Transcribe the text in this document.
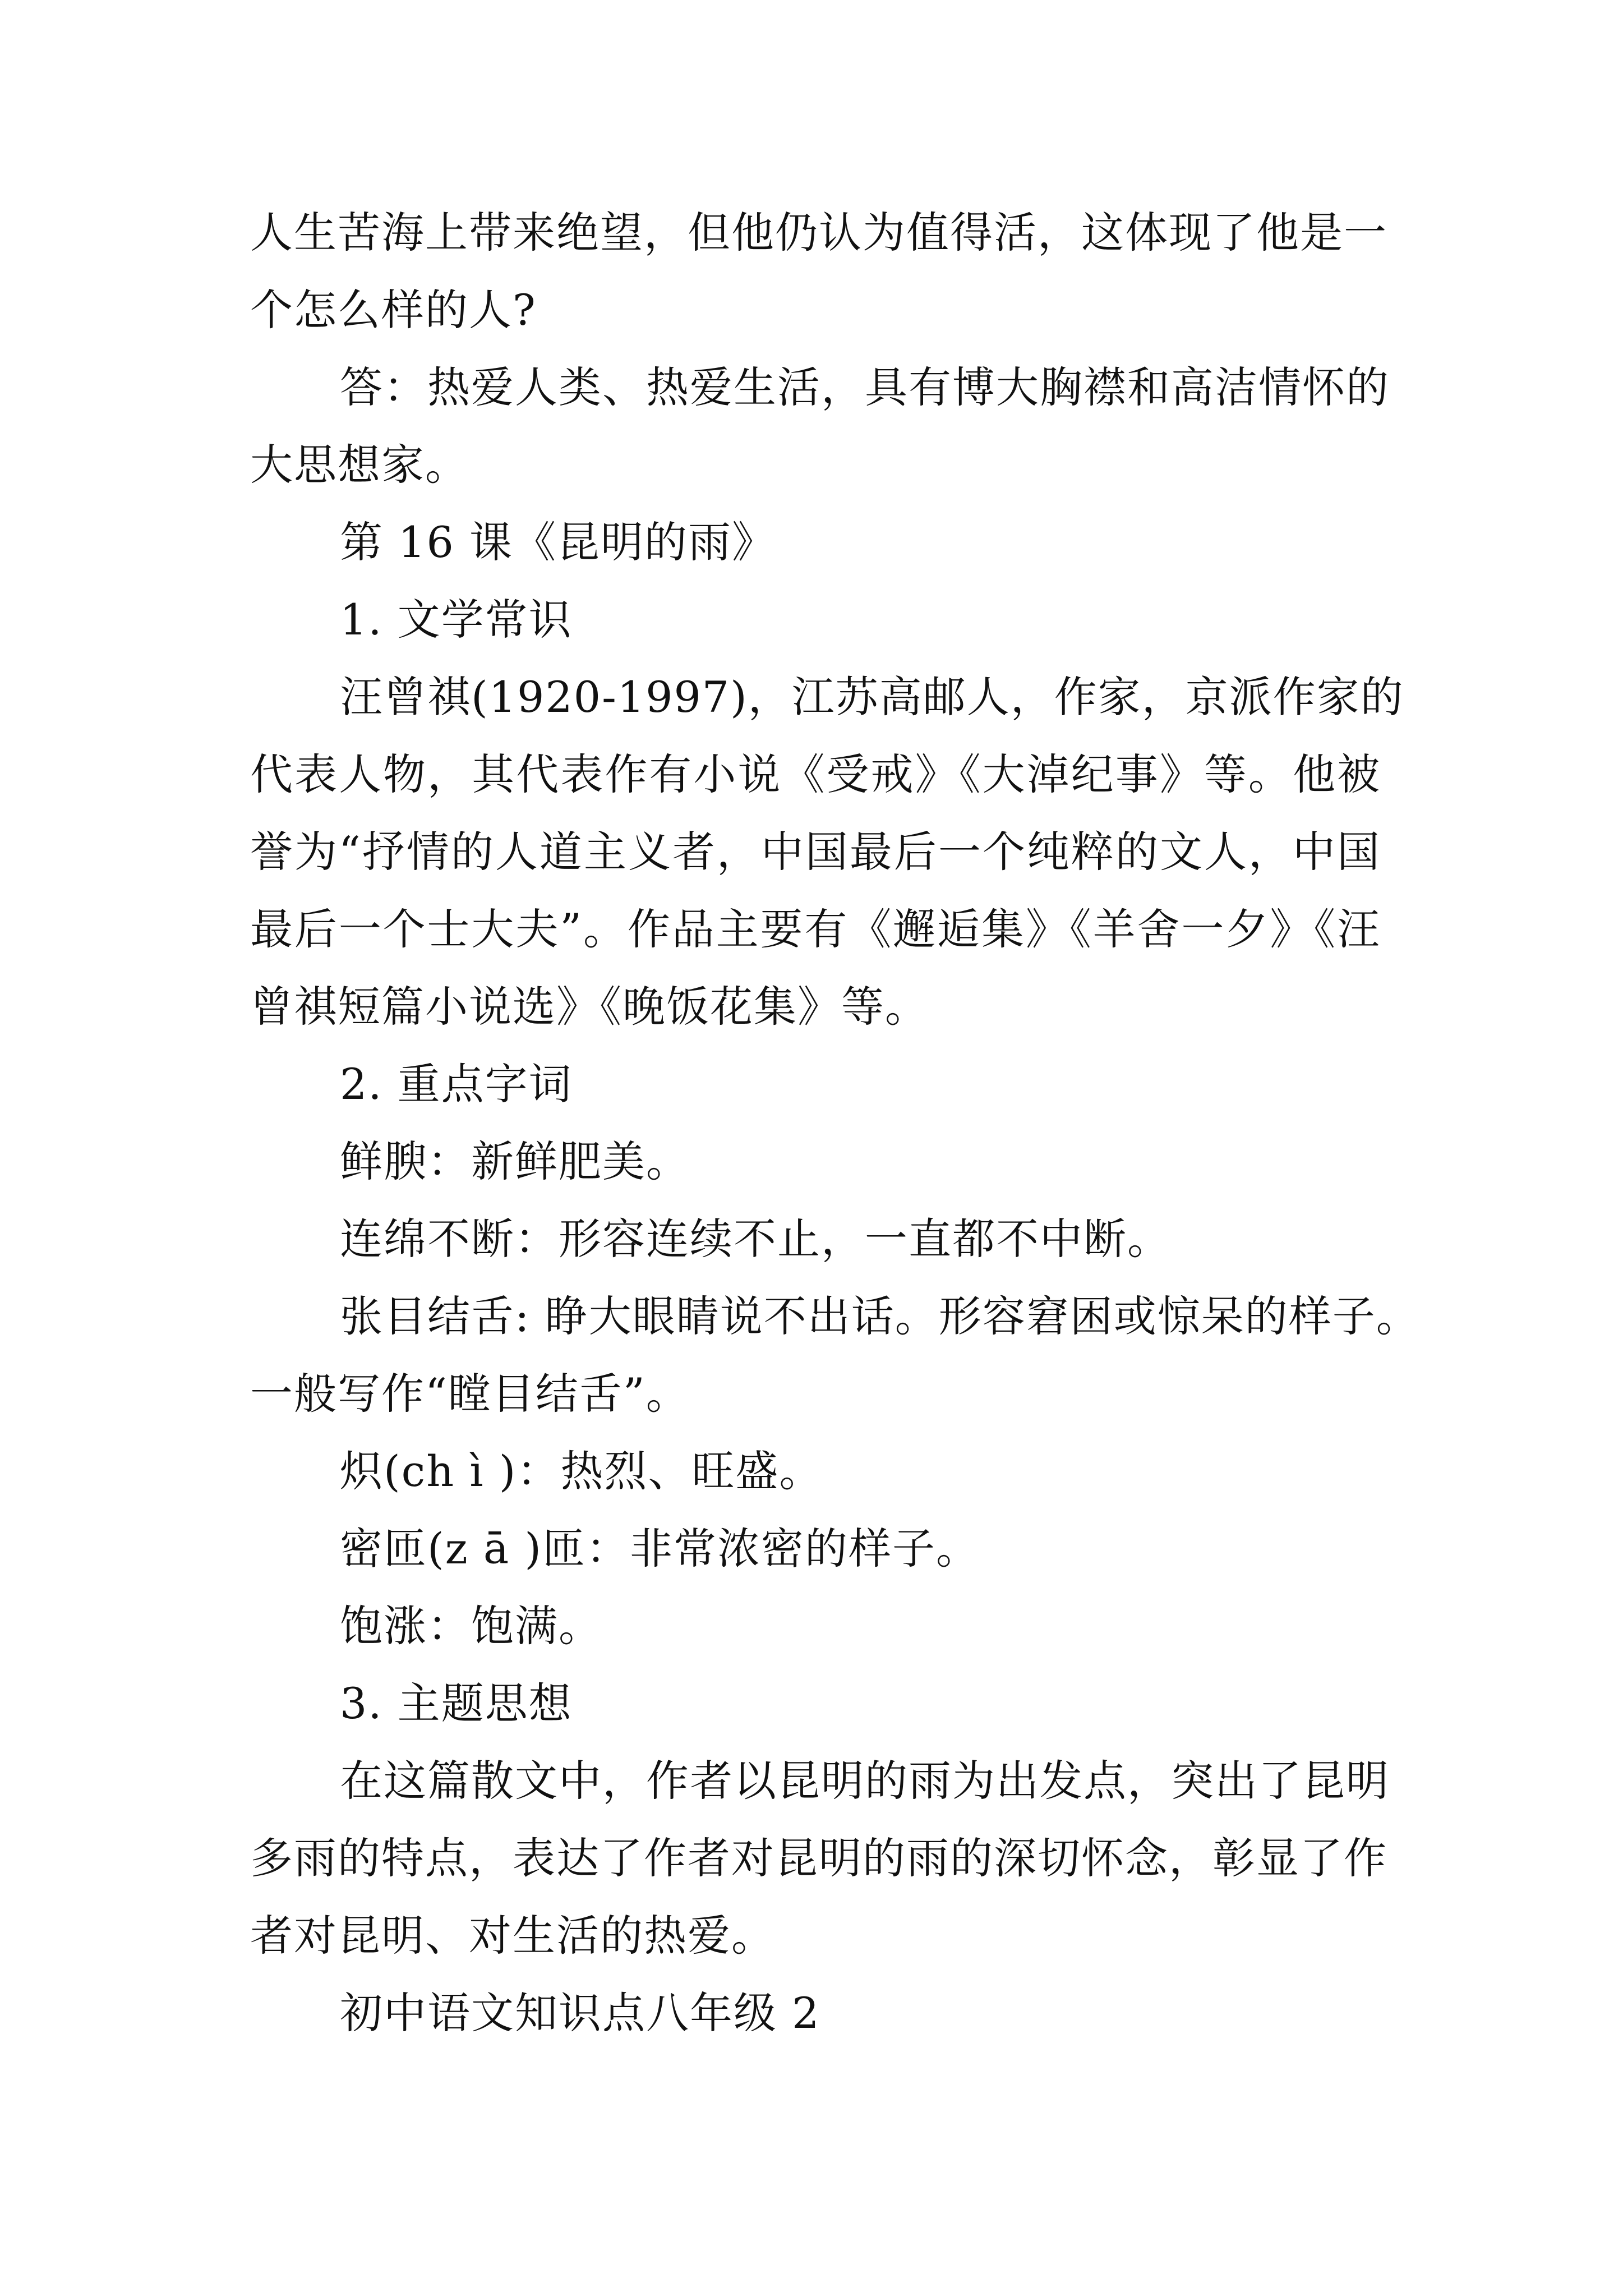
人生苦海上带来绝望，但他仍认为值得活，这体现了他是一
个怎么样的人?
答：热爱人类、热爱生活，具有博大胸襟和高洁情怀的
大思想家。
第 16 课《昆明的雨》
1. 文学常识
汪曾祺(1920-1997)，江苏高邮人，作家，京派作家的
代表人物，其代表作有小说《受戒》《大淖纪事》等。他被
誉为“抒情的人道主义者，中国最后一个纯粹的文人，中国
最后一个士大夫”。作品主要有《邂逅集》《羊舍一夕》《汪
曾祺短篇小说选》《晚饭花集》等。
2. 重点字词
鲜腴：新鲜肥美。
连绵不断：形容连续不止，一直都不中断。
张目结舌: 睁大眼睛说不出话。形容窘困或惊呆的样子。
一般写作“瞠目结舌”。
炽(ch ì )：热烈、旺盛。
密匝(z ā )匝：非常浓密的样子。
饱涨：饱满。
3. 主题思想
在这篇散文中，作者以昆明的雨为出发点，突出了昆明
多雨的特点，表达了作者对昆明的雨的深切怀念，彰显了作
者对昆明、对生活的热爱。
初中语文知识点八年级 2
